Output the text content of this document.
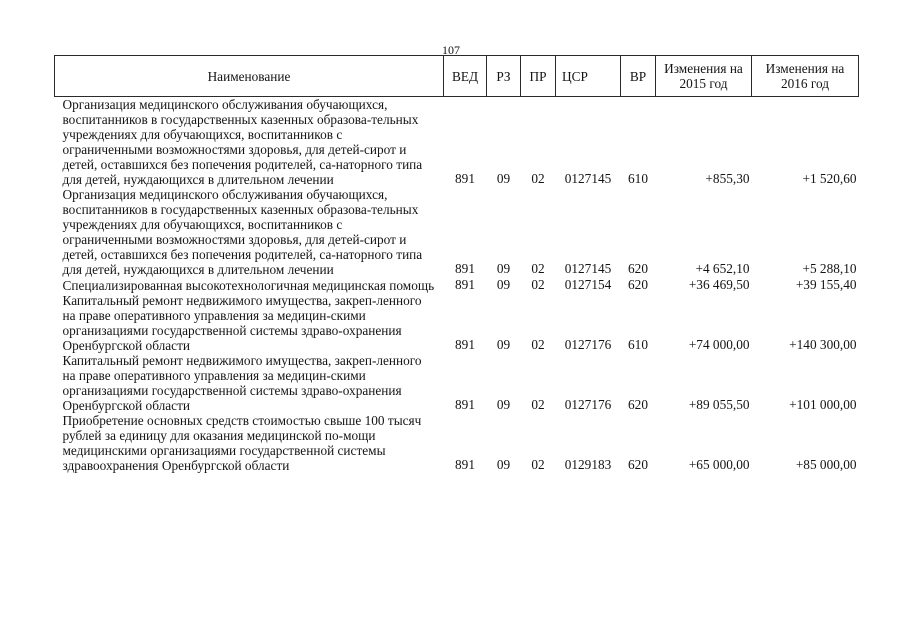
107
Наименование	ВЕД	РЗ	ПР	ЦСР	ВР	Изменения на 2015 год	Изменения на 2016 год
Организация медицинского обслуживания обучающихся, воспитанников в государственных казенных образова-тельных учреждениях для обучающихся, воспитанников с ограниченными возможностями здоровья, для детей-сирот и детей, оставшихся без попечения родителей, са-наторного типа для детей, нуждающихся в длительном лечении	891	09	02	0127145	610	+855,30	+1 520,60
Организация медицинского обслуживания обучающихся, воспитанников в государственных казенных образова-тельных учреждениях для обучающихся, воспитанников с ограниченными возможностями здоровья, для детей-сирот и детей, оставшихся без попечения родителей, са-наторного типа для детей, нуждающихся в длительном лечении	891	09	02	0127145	620	+4 652,10	+5 288,10
Специализированная высокотехнологичная медицинская помощь	891	09	02	0127154	620	+36 469,50	+39 155,40
Капитальный ремонт недвижимого имущества, закреп-ленного на праве оперативного управления за медицин-скими организациями государственной системы здраво-охранения Оренбургской области	891	09	02	0127176	610	+74 000,00	+140 300,00
Капитальный ремонт недвижимого имущества, закреп-ленного на праве оперативного управления за медицин-скими организациями государственной системы здраво-охранения Оренбургской области	891	09	02	0127176	620	+89 055,50	+101 000,00
Приобретение основных средств стоимостью свыше 100 тысяч рублей за единицу для оказания медицинской по-мощи медицинскими организациями государственной системы здравоохранения Оренбургской области	891	09	02	0129183	620	+65 000,00	+85 000,00
